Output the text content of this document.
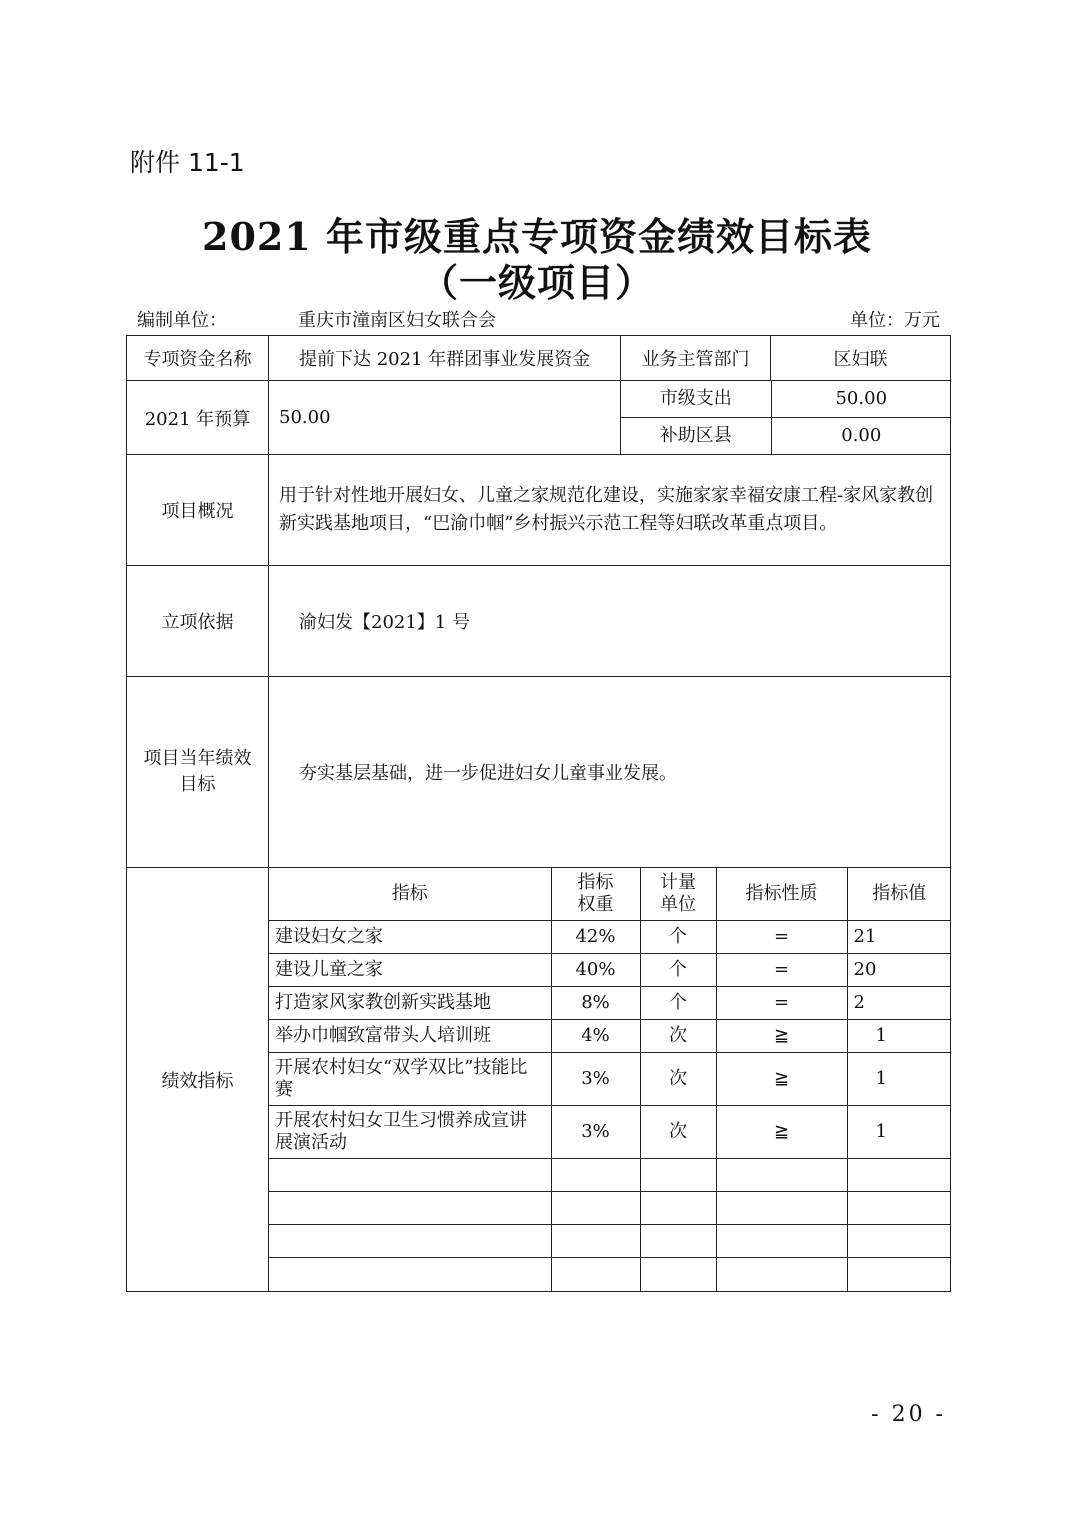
附件 11-1
2021 年市级重点专项资金绩效目标表
（一级项目）
编制单位：	重庆市潼南区妇女联合会	单位：万元
专项资金名称	提前下达 2021 年群团事业发展资金	业务主管部门	区妇联
2021 年预算	50.00	
市级支出	50.00
补助区县	0.00

项目概况	用于针对性地开展妇女、儿童之家规范化建设，实施家家幸福安康工程-家风家教创新实践基地项目，“巴渝巾帼”乡村振兴示范工程等妇联改革重点项目。
立项依据	渝妇发【2021】1 号
项目当年绩效目标	夯实基层基础，进一步促进妇女儿童事业发展。
绩效指标	
指标	指标权重	计量单位	指标性质	指标值
建设妇女之家	42%	个	=	21
建设儿童之家	40%	个	=	20
打造家风家教创新实践基地	8%	个	=	2
举办巾帼致富带头人培训班	4%	次	≧	1
开展农村妇女“双学双比”技能比赛	3%	次	≧	1
开展农村妇女卫生习惯养成宣讲展演活动	3%	次	≧	1

- 20 -
